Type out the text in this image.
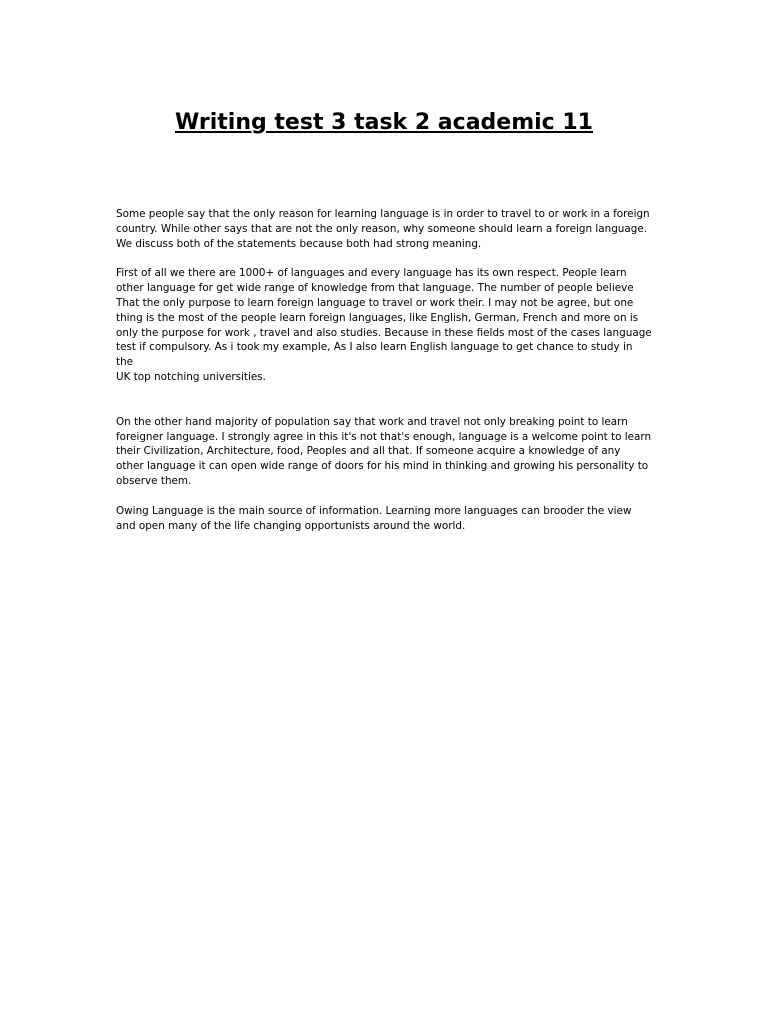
Writing test 3 task 2 academic 11

Some people say that the only reason for learning language is in order to travel to or work in a foreign
country. While other says that are not the only reason, why someone should learn a foreign language.
We discuss both of the statements because both had strong meaning.

First of all we there are 1000+ of languages and every language has its own respect. People learn
other language for get wide range of knowledge from that language. The number of people believe
That the only purpose to learn foreign language to travel or work their. I may not be agree, but one
thing is the most of the people learn foreign languages, like English, German, French and more on is
only the purpose for work , travel and also studies. Because in these fields most of the cases language
test if compulsory. As i took my example, As I also learn English language to get chance to study in the
UK top notching universities.

On the other hand majority of population say that work and travel not only breaking point to learn
foreigner language. I strongly agree in this it's not that's enough, language is a welcome point to learn
their Civilization, Architecture, food, Peoples and all that. If someone acquire a knowledge of any
other language it can open wide range of doors for his mind in thinking and growing his personality to
observe them.

Owing Language is the main source of information. Learning more languages can brooder the view
and open many of the life changing opportunists around the world.
